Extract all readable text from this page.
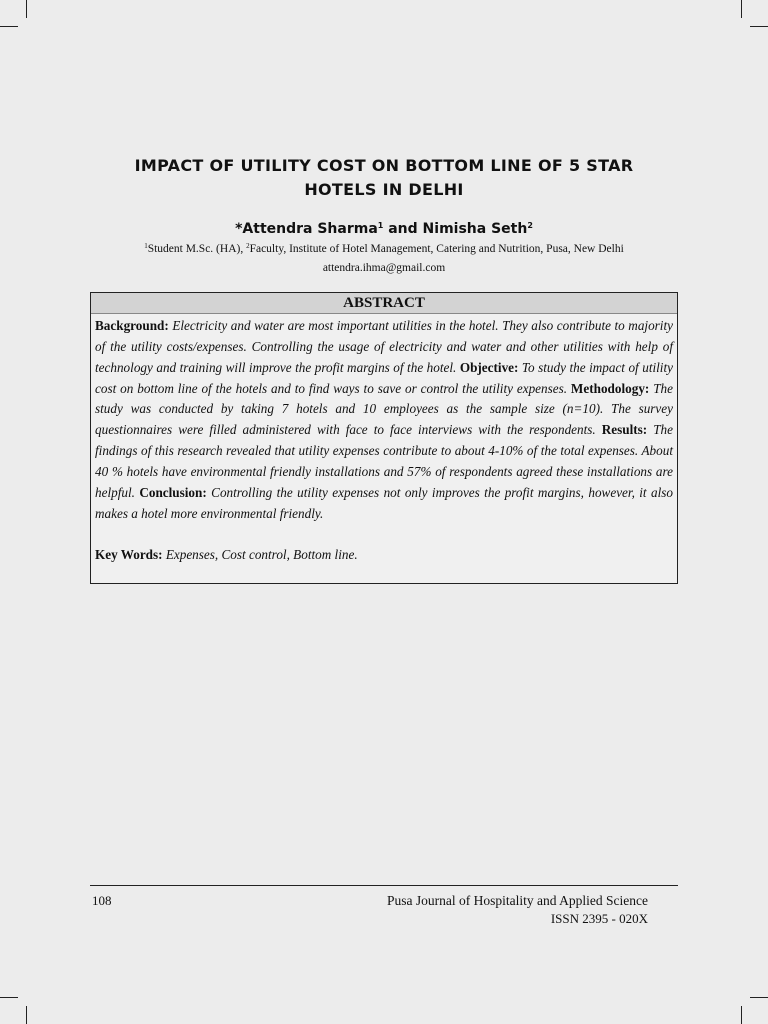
IMPACT OF UTILITY COST ON BOTTOM LINE OF 5 STAR
HOTELS IN DELHI
*Attendra Sharma$^1$ and Nimisha Seth$^2$
$^1$Student M.Sc. (HA), $^2$Faculty, Institute of Hotel Management, Catering and Nutrition, Pusa, New Delhi
attendra.ihma@gmail.com
ABSTRACT
Background: Electricity and water are most important utilities in the hotel. They also contribute to majority of the utility costs/expenses. Controlling the usage of electricity and water and other utilities with help of technology and training will improve the profit margins of the hotel. Objective: To study the impact of utility cost on bottom line of the hotels and to find ways to save or control the utility expenses. Methodology: The study was conducted by taking 7 hotels and 10 employees as the sample size (n=10). The survey questionnaires were filled administered with face to face interviews with the respondents. Results: The findings of this research revealed that utility expenses contribute to about 4-10% of the total expenses. About 40 % hotels have environmental friendly installations and 57% of respondents agreed these installations are helpful. Conclusion: Controlling the utility expenses not only improves the profit margins, however, it also makes a hotel more environmental friendly.
Key Words: Expenses, Cost control, Bottom line.
108	Pusa Journal of Hospitality and Applied Science
ISSN 2395 - 020X
